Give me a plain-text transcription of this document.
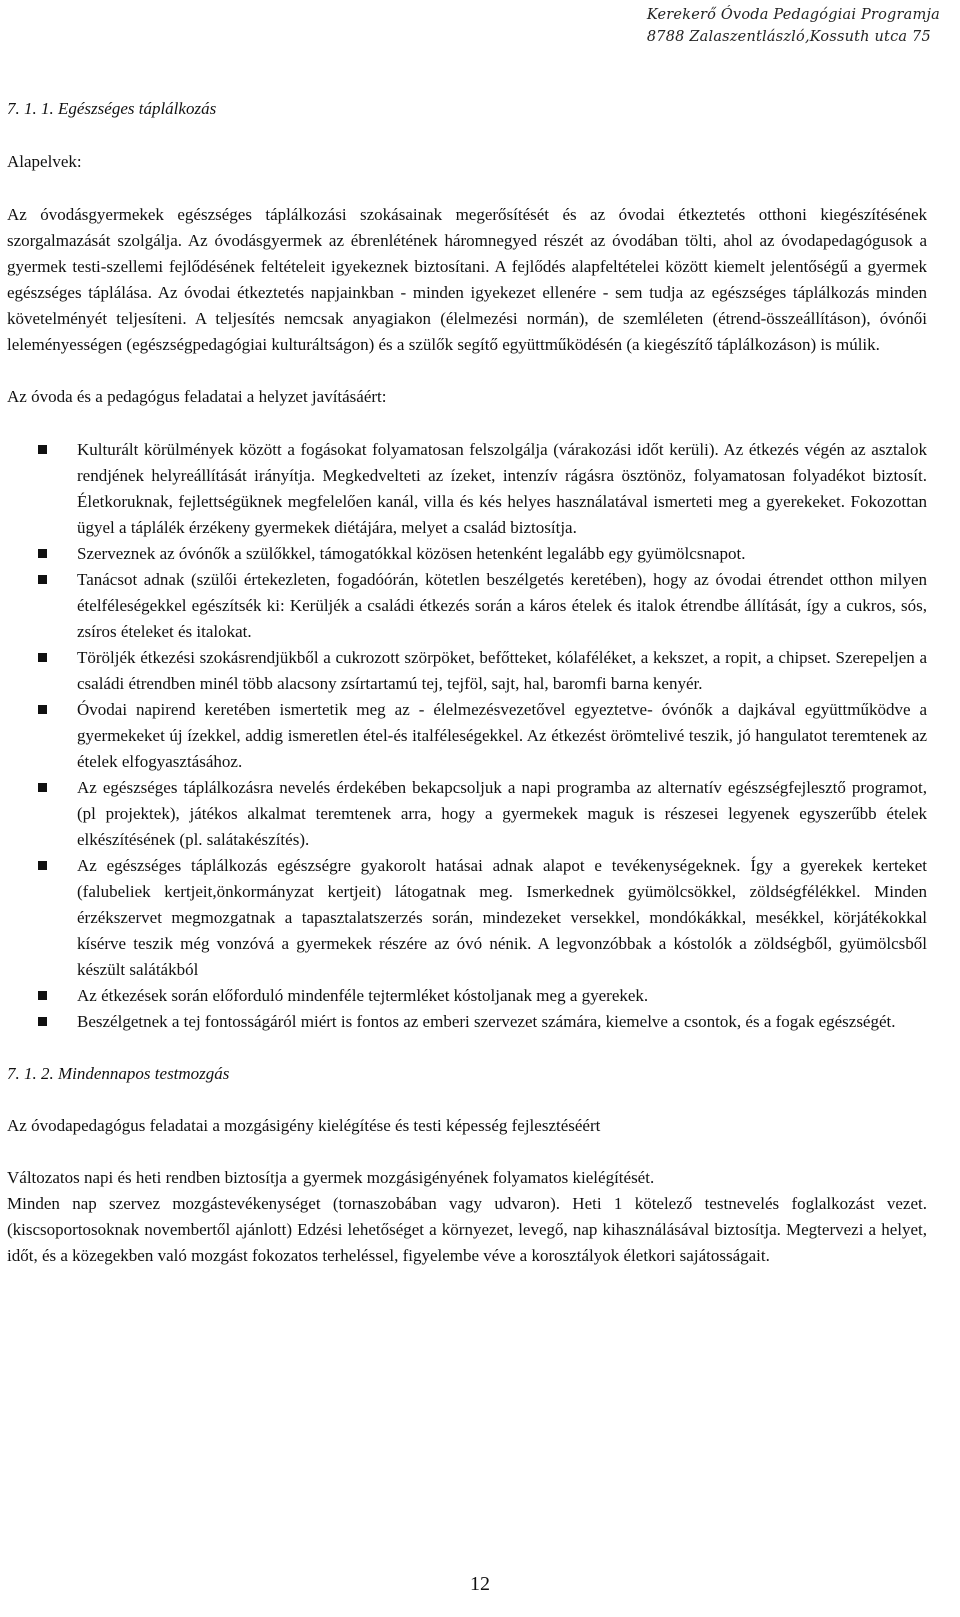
Kerekerő Óvoda Pedagógiai Programja
8788 Zalaszentlászló,Kossuth utca 75

7. 1. 1. Egészséges táplálkozás

Alapelvek:

Az óvodásgyermekek egészséges táplálkozási szokásainak megerősítését és az óvodai étkeztetés otthoni kiegészítésének szorgalmazását szolgálja. Az óvodásgyermek az ébrenlétének háromnegyed részét az óvodában tölti, ahol az óvodapedagógusok a gyermek testi-szellemi fejlődésének feltételeit igyekeznek biztosítani. A fejlődés alapfeltételei között kiemelt jelentőségű a gyermek egészséges táplálása. Az óvodai étkeztetés napjainkban - minden igyekezet ellenére - sem tudja az egészséges táplálkozás minden követelményét teljesíteni. A teljesítés nemcsak anyagiakon (élelmezési normán), de szemléleten (étrend-összeállításon), óvónői leleményességen (egészségpedagógiai kulturáltságon) és a szülők segítő együttműködésén (a kiegészítő táplálkozáson) is múlik.

Az óvoda és a pedagógus feladatai a helyzet javításáért:

Kulturált körülmények között a fogásokat folyamatosan felszolgálja (várakozási időt kerüli). Az étkezés végén az asztalok rendjének helyreállítását irányítja. Megkedvelteti az ízeket, intenzív rágásra ösztönöz, folyamatosan folyadékot biztosít. Életkoruknak, fejlettségüknek megfelelően kanál, villa és kés helyes használatával ismerteti meg a gyerekeket. Fokozottan ügyel a táplálék érzékeny gyermekek diétájára, melyet a család biztosítja.
Szerveznek az óvónők a szülőkkel, támogatókkal közösen hetenként legalább egy gyümölcsnapot.
Tanácsot adnak (szülői értekezleten, fogadóórán, kötetlen beszélgetés keretében), hogy az óvodai étrendet otthon milyen ételféleségekkel egészítsék ki: Kerüljék a családi étkezés során a káros ételek és italok étrendbe állítását, így a cukros, sós, zsíros ételeket és italokat.
Töröljék étkezési szokásrendjükből a cukrozott szörpöket, befőtteket, kólaféléket, a kekszet, a ropit, a chipset. Szerepeljen a családi étrendben minél több alacsony zsírtartamú tej, tejföl, sajt, hal, baromfi barna kenyér.
Óvodai napirend keretében ismertetik meg az - élelmezésvezetővel egyeztetve- óvónők a dajkával együttműködve a gyermekeket új ízekkel, addig ismeretlen étel-és italféleségekkel. Az étkezést örömtelivé teszik, jó hangulatot teremtenek az ételek elfogyasztásához.
Az egészséges táplálkozásra nevelés érdekében bekapcsoljuk a napi programba az alternatív egészségfejlesztő programot, (pl projektek), játékos alkalmat teremtenek arra, hogy a gyermekek maguk is részesei legyenek egyszerűbb ételek elkészítésének (pl. salátakészítés).
Az egészséges táplálkozás egészségre gyakorolt hatásai adnak alapot e tevékenységeknek. Így a gyerekek kerteket (falubeliek kertjeit,önkormányzat kertjeit) látogatnak meg. Ismerkednek gyümölcsökkel, zöldségfélékkel. Minden érzékszervet megmozgatnak a tapasztalatszerzés során, mindezeket versekkel, mondókákkal, mesékkel, körjátékokkal kísérve teszik még vonzóvá a gyermekek részére az óvó nénik. A legvonzóbbak a kóstolók a zöldségből, gyümölcsből készült salátákból
Az étkezések során előforduló mindenféle tejtermléket kóstoljanak meg a gyerekek.
Beszélgetnek a tej fontosságáról miért is fontos az emberi szervezet számára, kiemelve a csontok, és a fogak egészségét.

7. 1. 2. Mindennapos testmozgás

Az óvodapedagógus feladatai a mozgásigény kielégítése és testi képesség fejlesztéséért

Változatos napi és heti rendben biztosítja a gyermek mozgásigényének folyamatos kielégítését.

Minden nap szervez mozgástevékenységet (tornaszobában vagy udvaron). Heti 1 kötelező testnevelés foglalkozást vezet.(kiscsoportosoknak novembertől ajánlott) Edzési lehetőséget a környezet, levegő, nap kihasználásával biztosítja. Megtervezi a helyet, időt, és a közegekben való mozgást fokozatos terheléssel, figyelembe véve a korosztályok életkori sajátosságait.

12
